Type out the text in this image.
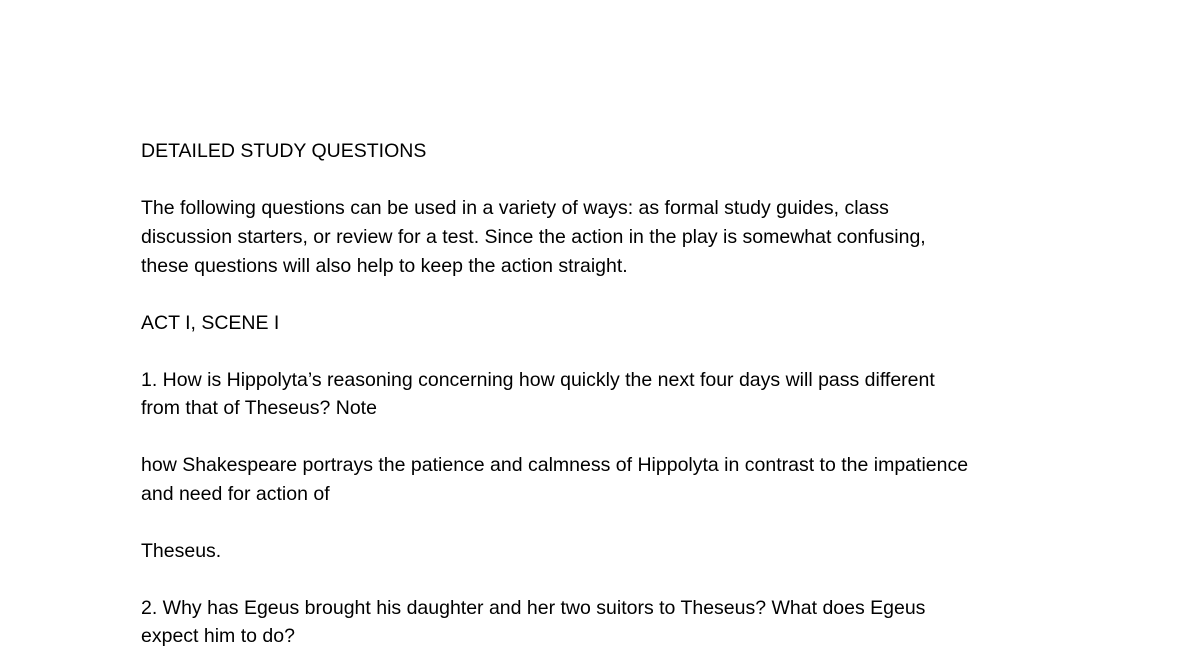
DETAILED STUDY QUESTIONS
The following questions can be used in a variety of ways: as formal study guides, class
discussion starters, or review for a test. Since the action in the play is somewhat confusing,
these questions will also help to keep the action straight.
ACT I, SCENE I
1. How is Hippolyta’s reasoning concerning how quickly the next four days will pass different
from that of Theseus? Note
how Shakespeare portrays the patience and calmness of Hippolyta in contrast to the impatience
and need for action of
Theseus.
2. Why has Egeus brought his daughter and her two suitors to Theseus? What does Egeus
expect him to do?
